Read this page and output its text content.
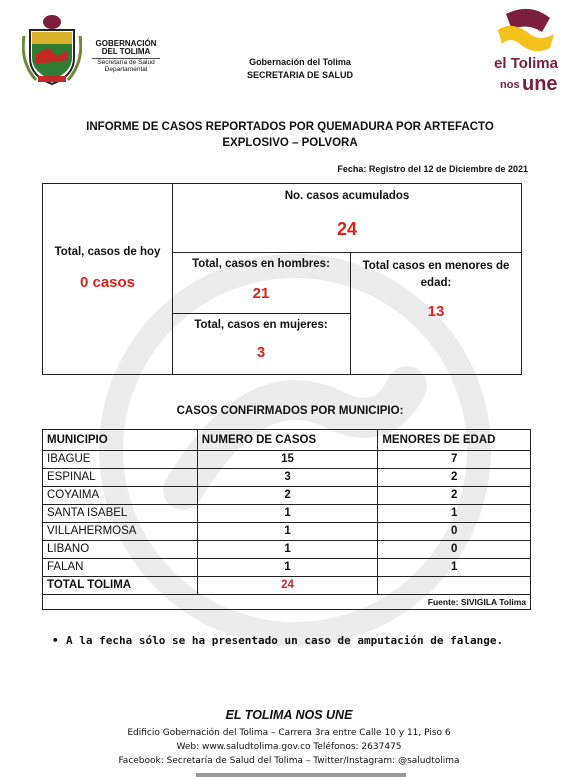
GOBERNACIÓN
DEL TOLIMA
Secretaría de Salud
Departamental
Gobernación del Tolima
SECRETARIA DE SALUD
el Tolima
nos une
INFORME DE CASOS REPORTADOS POR QUEMADURA POR ARTEFACTO
EXPLOSIVO – POLVORA
Fecha: Registro del 12 de Diciembre de 2021
Total, casos de hoy
0 casos
No. casos acumulados
24
Total, casos en hombres:
21
Total, casos en mujeres:
3
Total casos en menores de edad:
13
CASOS CONFIRMADOS POR MUNICIPIO:
MUNICIPIO	NUMERO DE CASOS	MENORES DE EDAD
IBAGUE	15	7
ESPINAL	3	2
COYAIMA	2	2
SANTA ISABEL	1	1
VILLAHERMOSA	1	0
LIBANO	1	0
FALAN	1	1
TOTAL TOLIMA	24	
Fuente: SIVIGILA Tolima		
• A la fecha sólo se ha presentado un caso de amputación de falange.
EL TOLIMA NOS UNE
Edificio Gobernación del Tolima – Carrera 3ra entre Calle 10 y 11, Piso 6
Web: www.saludtolima.gov.co Teléfonos: 2637475
Facebook: Secretaría de Salud del Tolima – Twitter/Instagram: @saludtolima
